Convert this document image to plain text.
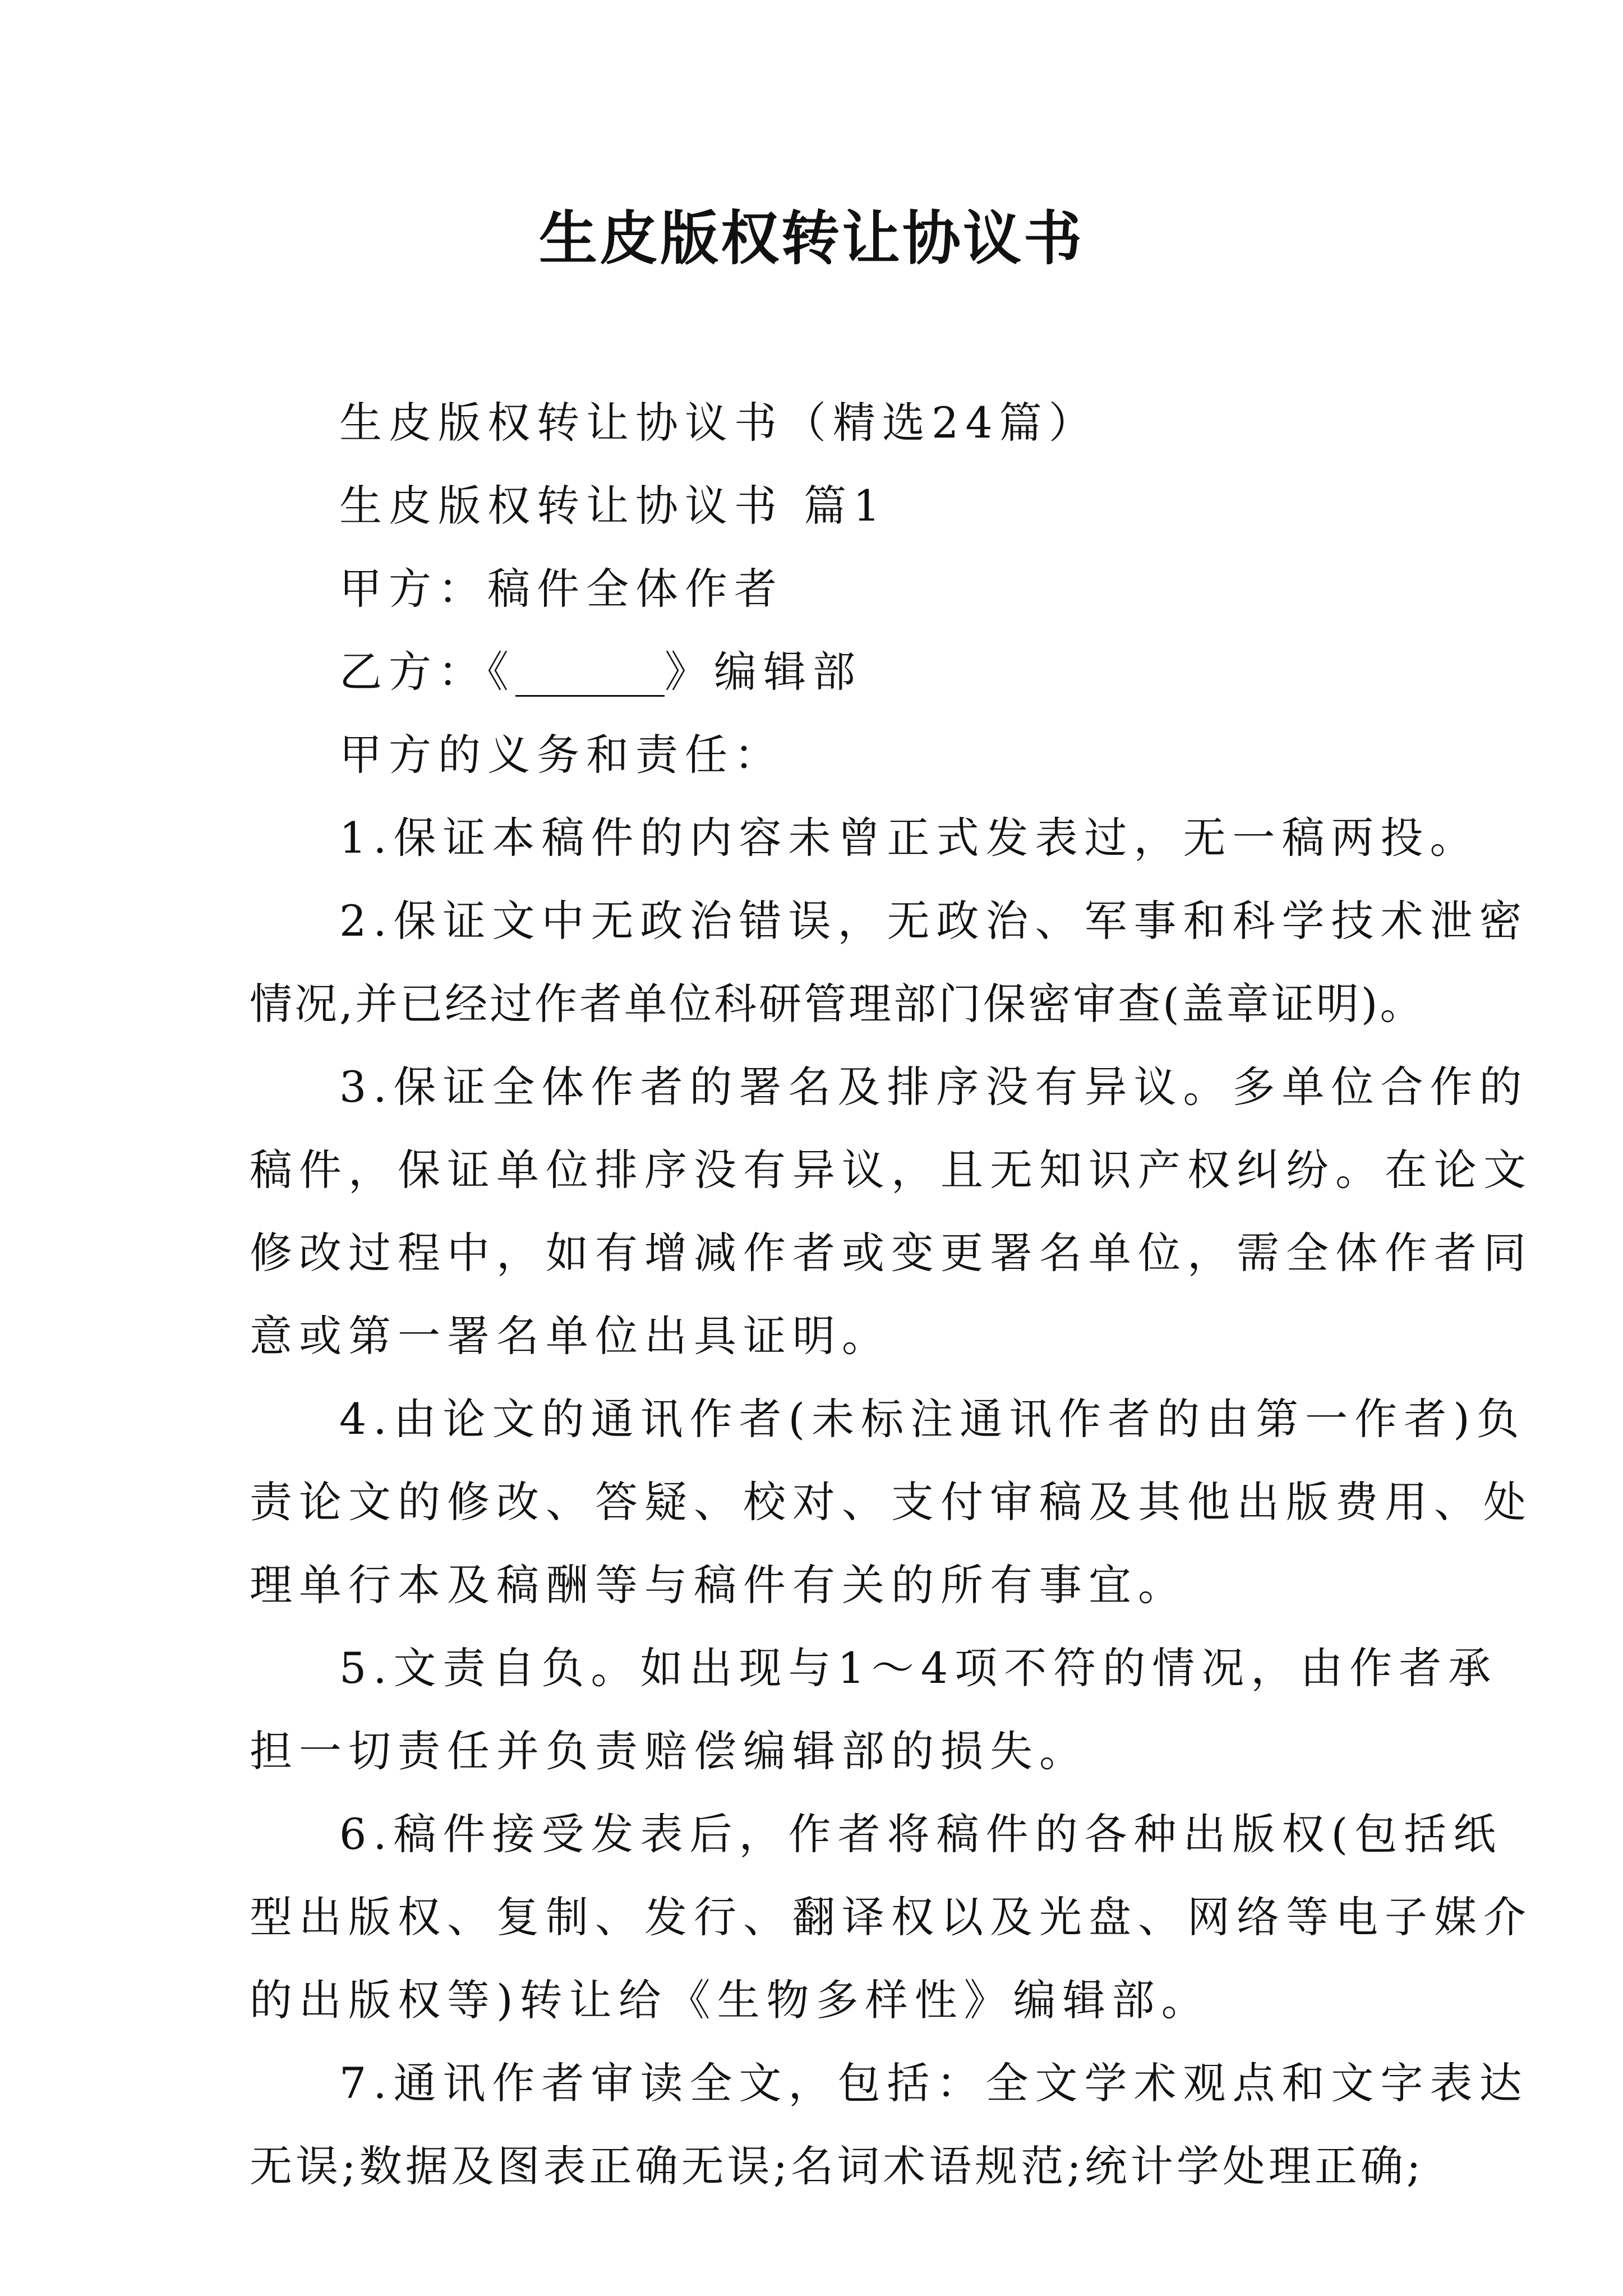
生皮版权转让协议书

生皮版权转让协议书（精选24篇）

生皮版权转让协议书 篇1

甲方：稿件全体作者

乙方：《_______》编辑部

甲方的义务和责任：

1.保证本稿件的内容未曾正式发表过，无一稿两投。

2.保证文中无政治错误，无政治、军事和科学技术泄密

情况,并已经过作者单位科研管理部门保密审查(盖章证明)。

3.保证全体作者的署名及排序没有异议。多单位合作的

稿件，保证单位排序没有异议，且无知识产权纠纷。在论文

修改过程中，如有增减作者或变更署名单位，需全体作者同

意或第一署名单位出具证明。

4.由论文的通讯作者(未标注通讯作者的由第一作者)负

责论文的修改、答疑、校对、支付审稿及其他出版费用、处

理单行本及稿酬等与稿件有关的所有事宜。

5.文责自负。如出现与1～4项不符的情况，由作者承

担一切责任并负责赔偿编辑部的损失。

6.稿件接受发表后，作者将稿件的各种出版权(包括纸

型出版权、复制、发行、翻译权以及光盘、网络等电子媒介

的出版权等)转让给《生物多样性》编辑部。

7.通讯作者审读全文，包括：全文学术观点和文字表达

无误;数据及图表正确无误;名词术语规范;统计学处理正确;
